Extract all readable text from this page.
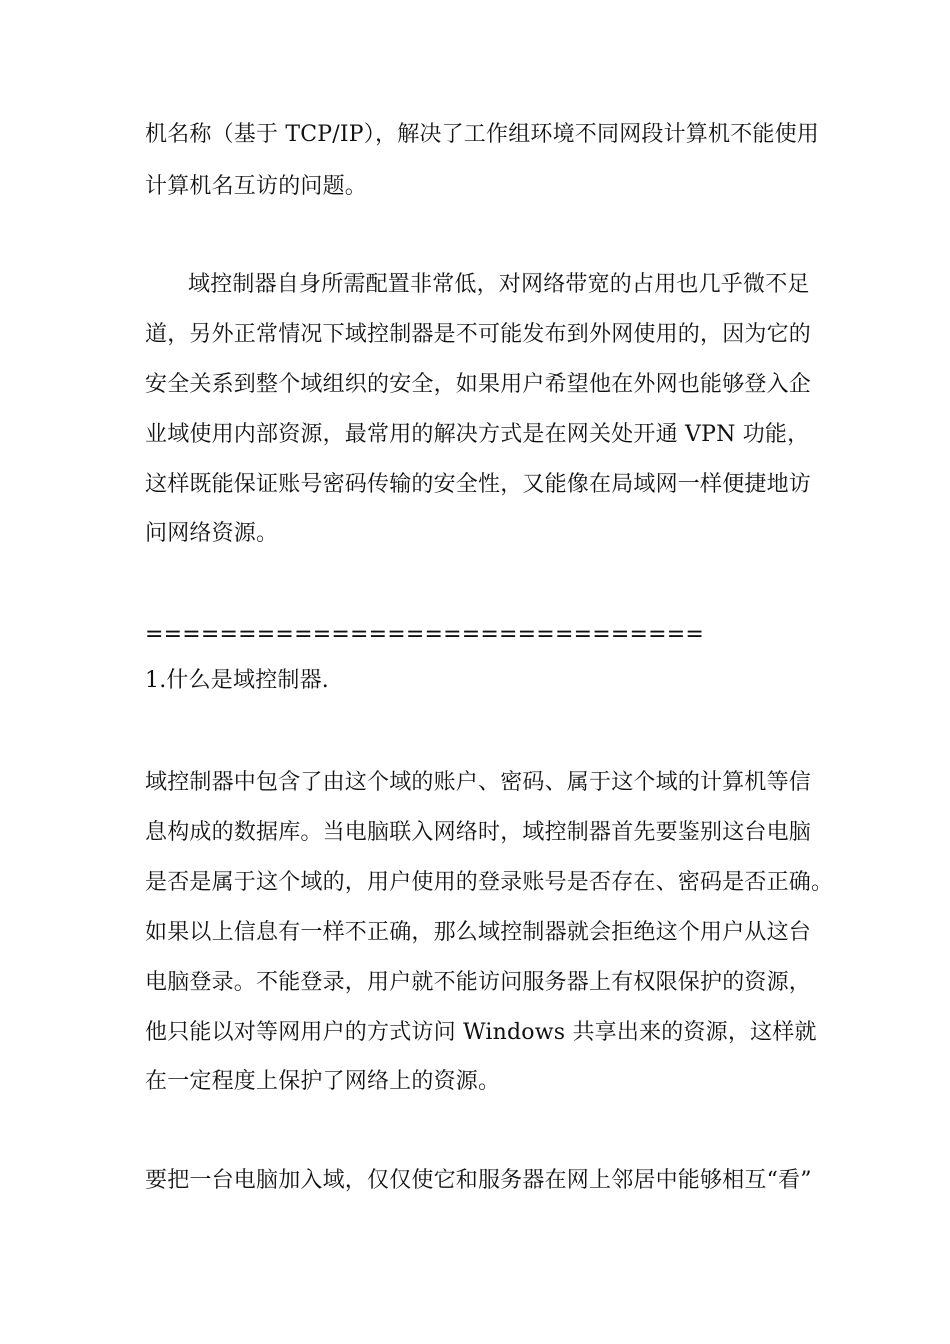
机名称（基于 TCP/IP），解决了工作组环境不同网段计算机不能使用
计算机名互访的问题。
域控制器自身所需配置非常低，对网络带宽的占用也几乎微不足
道，另外正常情况下域控制器是不可能发布到外网使用的，因为它的
安全关系到整个域组织的安全，如果用户希望他在外网也能够登入企
业域使用内部资源，最常用的解决方式是在网关处开通 VPN 功能，
这样既能保证账号密码传输的安全性，又能像在局域网一样便捷地访
问网络资源。
==============================
1.什么是域控制器.
域控制器中包含了由这个域的账户、密码、属于这个域的计算机等信
息构成的数据库。当电脑联入网络时，域控制器首先要鉴别这台电脑
是否是属于这个域的，用户使用的登录账号是否存在、密码是否正确。
如果以上信息有一样不正确，那么域控制器就会拒绝这个用户从这台
电脑登录。不能登录，用户就不能访问服务器上有权限保护的资源，
他只能以对等网用户的方式访问 Windows 共享出来的资源，这样就
在一定程度上保护了网络上的资源。
要把一台电脑加入域，仅仅使它和服务器在网上邻居中能够相互“看”
